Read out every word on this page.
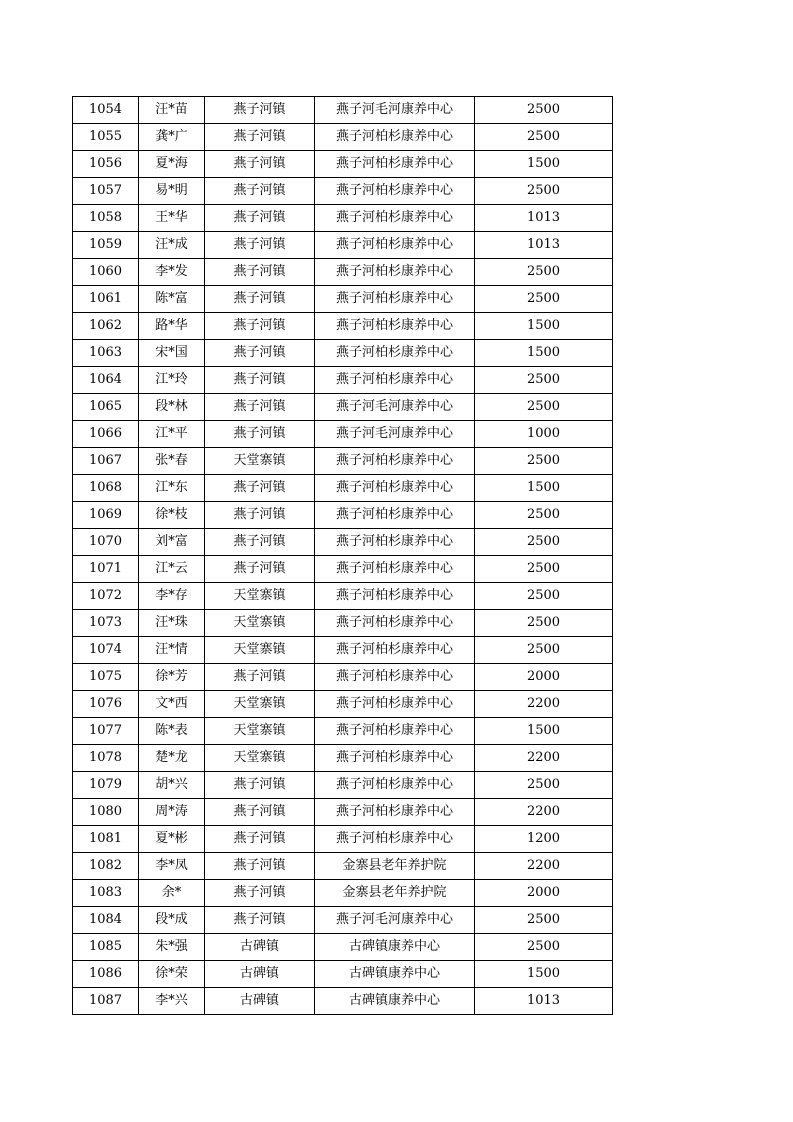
1054	汪*苗	燕子河镇	燕子河毛河康养中心	2500
1055	龚*广	燕子河镇	燕子河柏杉康养中心	2500
1056	夏*海	燕子河镇	燕子河柏杉康养中心	1500
1057	易*明	燕子河镇	燕子河柏杉康养中心	2500
1058	王*华	燕子河镇	燕子河柏杉康养中心	1013
1059	汪*成	燕子河镇	燕子河柏杉康养中心	1013
1060	李*发	燕子河镇	燕子河柏杉康养中心	2500
1061	陈*富	燕子河镇	燕子河柏杉康养中心	2500
1062	路*华	燕子河镇	燕子河柏杉康养中心	1500
1063	宋*国	燕子河镇	燕子河柏杉康养中心	1500
1064	江*玲	燕子河镇	燕子河柏杉康养中心	2500
1065	段*林	燕子河镇	燕子河毛河康养中心	2500
1066	江*平	燕子河镇	燕子河毛河康养中心	1000
1067	张*春	天堂寨镇	燕子河柏杉康养中心	2500
1068	江*东	燕子河镇	燕子河柏杉康养中心	1500
1069	徐*枝	燕子河镇	燕子河柏杉康养中心	2500
1070	刘*富	燕子河镇	燕子河柏杉康养中心	2500
1071	江*云	燕子河镇	燕子河柏杉康养中心	2500
1072	李*存	天堂寨镇	燕子河柏杉康养中心	2500
1073	汪*珠	天堂寨镇	燕子河柏杉康养中心	2500
1074	汪*情	天堂寨镇	燕子河柏杉康养中心	2500
1075	徐*芳	燕子河镇	燕子河柏杉康养中心	2000
1076	文*西	天堂寨镇	燕子河柏杉康养中心	2200
1077	陈*表	天堂寨镇	燕子河柏杉康养中心	1500
1078	楚*龙	天堂寨镇	燕子河柏杉康养中心	2200
1079	胡*兴	燕子河镇	燕子河柏杉康养中心	2500
1080	周*涛	燕子河镇	燕子河柏杉康养中心	2200
1081	夏*彬	燕子河镇	燕子河柏杉康养中心	1200
1082	李*凤	燕子河镇	金寨县老年养护院	2200
1083	余*	燕子河镇	金寨县老年养护院	2000
1084	段*成	燕子河镇	燕子河毛河康养中心	2500
1085	朱*强	古碑镇	古碑镇康养中心	2500
1086	徐*荣	古碑镇	古碑镇康养中心	1500
1087	李*兴	古碑镇	古碑镇康养中心	1013
